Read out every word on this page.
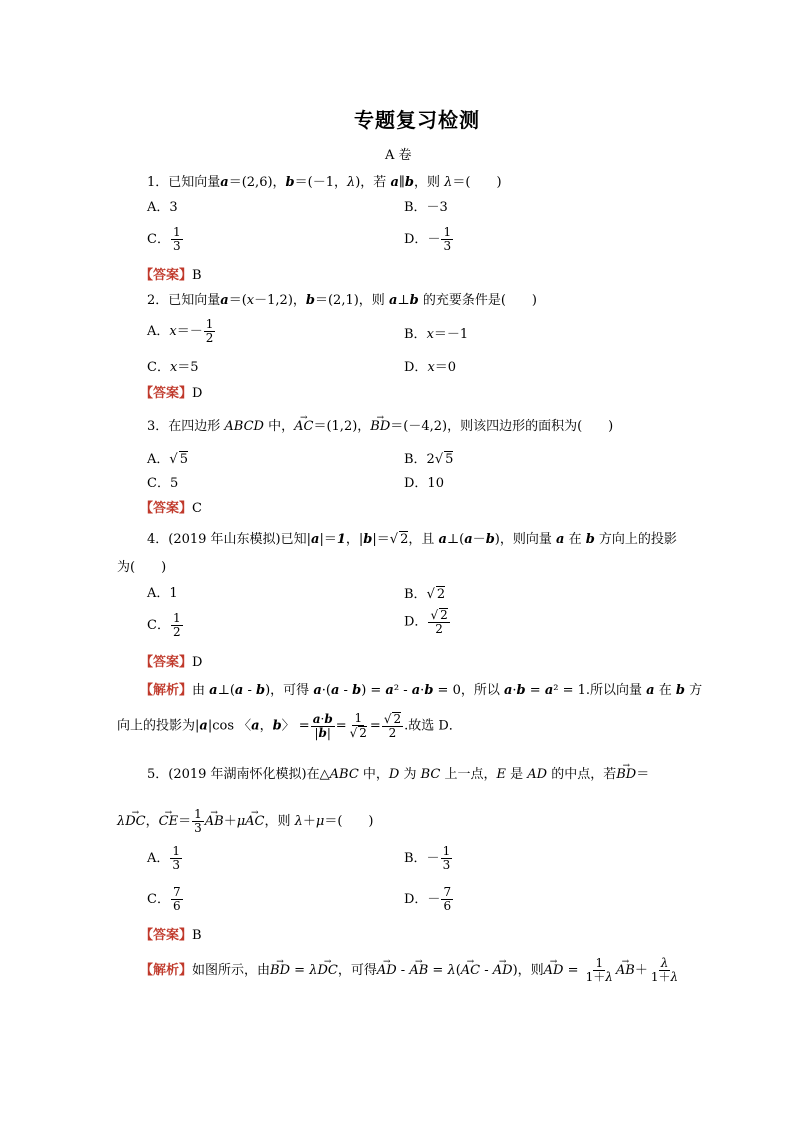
专题复习检测
A 卷
1．已知向量a＝(2,6)，b＝(－1，λ)，若 a∥b，则 λ＝(　　)
A．3	B．－3
C． $\frac{1}{3}$	D．－ $\frac{1}{3}$
【答案】B
2．已知向量a＝(x－1,2)，b＝(2,1)，则 a⊥b 的充要条件是(　　)
A．$x=- \frac{1}{2}$	B．x＝－1
C．x＝5	D．x＝0
【答案】D
3．在四边形 ABCD 中，→ AC＝(1,2)，→ BD＝(－4,2)，则该四边形的面积为(　　)
A．√ 5	B．2√ 5
C．5	D．10
【答案】C
4．(2019 年山东模拟)已知|a|＝1，|b|＝√ 2，且 a⊥(a－b)，则向量 a 在 b 方向上的投影
为(　　)
A．1	B．√ 2
C． $\frac{1}{2}$	D． $\frac{√ 2}{2}$
【答案】D
【解析】由 a⊥(a - b)，可得 a·(a - b) = a² - a·b = 0，所以 a·b = a² = 1.所以向量 a 在 b 方
向上的投影为|a|cos 〈a，b〉 = $\frac{a\cdot b}{|b|} = \frac{1}{√ 2} = \frac{√ 2}{2}$ .故选 D．
5．(2019 年湖南怀化模拟)在△ABC 中，D 为 BC 上一点，E 是 AD 的中点，若→ BD＝
λ→ DC，→ $CE= \frac{1}{3}$
→ AB＋μ→ AC，则 λ＋μ＝(　　)
A． $\frac{1}{3}$	B．－ $\frac{1}{3}$
C． $\frac{7}{6}$	D．－ $\frac{7}{6}$
【答案】B
【解析】如图所示，由→ BD = λ→ DC，可得→ AD - → AB = λ(→ AC - → AD)，则→ AD = $\frac{1}{1+\lambda}$
→ $AB+ \frac{\lambda}{1+\lambda}$
